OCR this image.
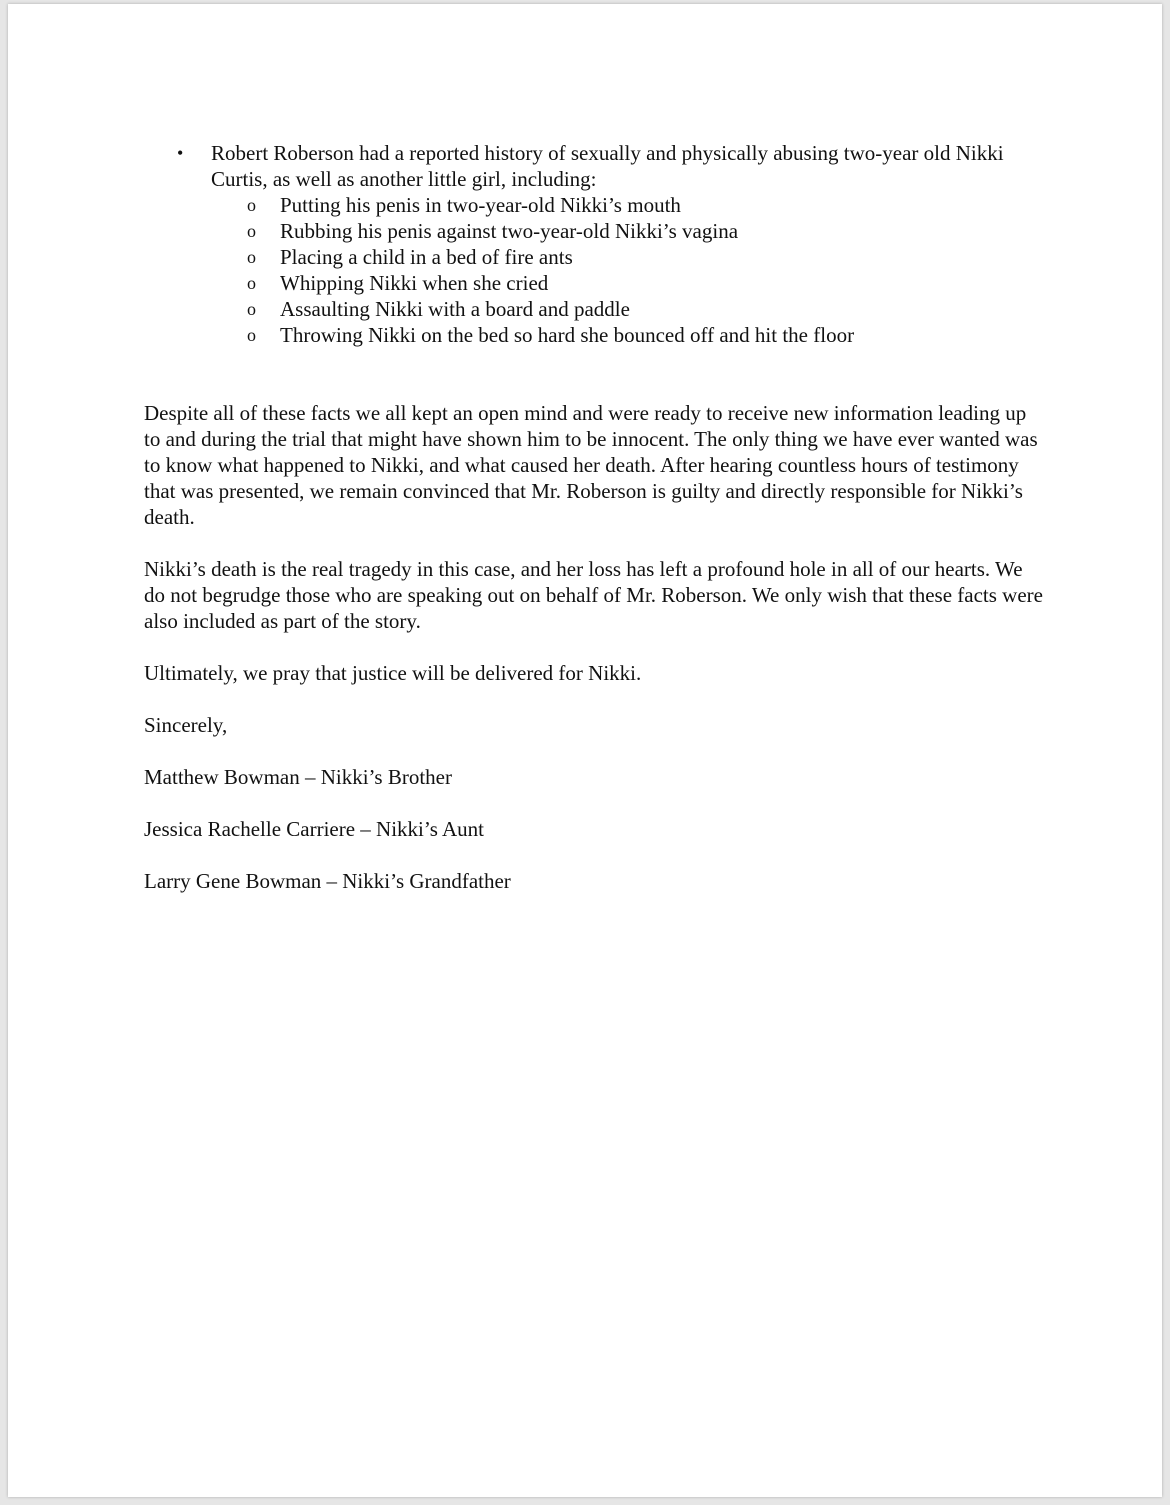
• Robert Roberson had a reported history of sexually and physically abusing two-year old Nikki Curtis, as well as another little girl, including:
o Putting his penis in two-year-old Nikki’s mouth
o Rubbing his penis against two-year-old Nikki’s vagina
o Placing a child in a bed of fire ants
o Whipping Nikki when she cried
o Assaulting Nikki with a board and paddle
o Throwing Nikki on the bed so hard she bounced off and hit the floor

Despite all of these facts we all kept an open mind and were ready to receive new information leading up to and during the trial that might have shown him to be innocent. The only thing we have ever wanted was to know what happened to Nikki, and what caused her death. After hearing countless hours of testimony that was presented, we remain convinced that Mr. Roberson is guilty and directly responsible for Nikki’s death.

Nikki’s death is the real tragedy in this case, and her loss has left a profound hole in all of our hearts. We do not begrudge those who are speaking out on behalf of Mr. Roberson. We only wish that these facts were also included as part of the story.

Ultimately, we pray that justice will be delivered for Nikki.

Sincerely,

Matthew Bowman – Nikki’s Brother

Jessica Rachelle Carriere – Nikki’s Aunt

Larry Gene Bowman – Nikki’s Grandfather
